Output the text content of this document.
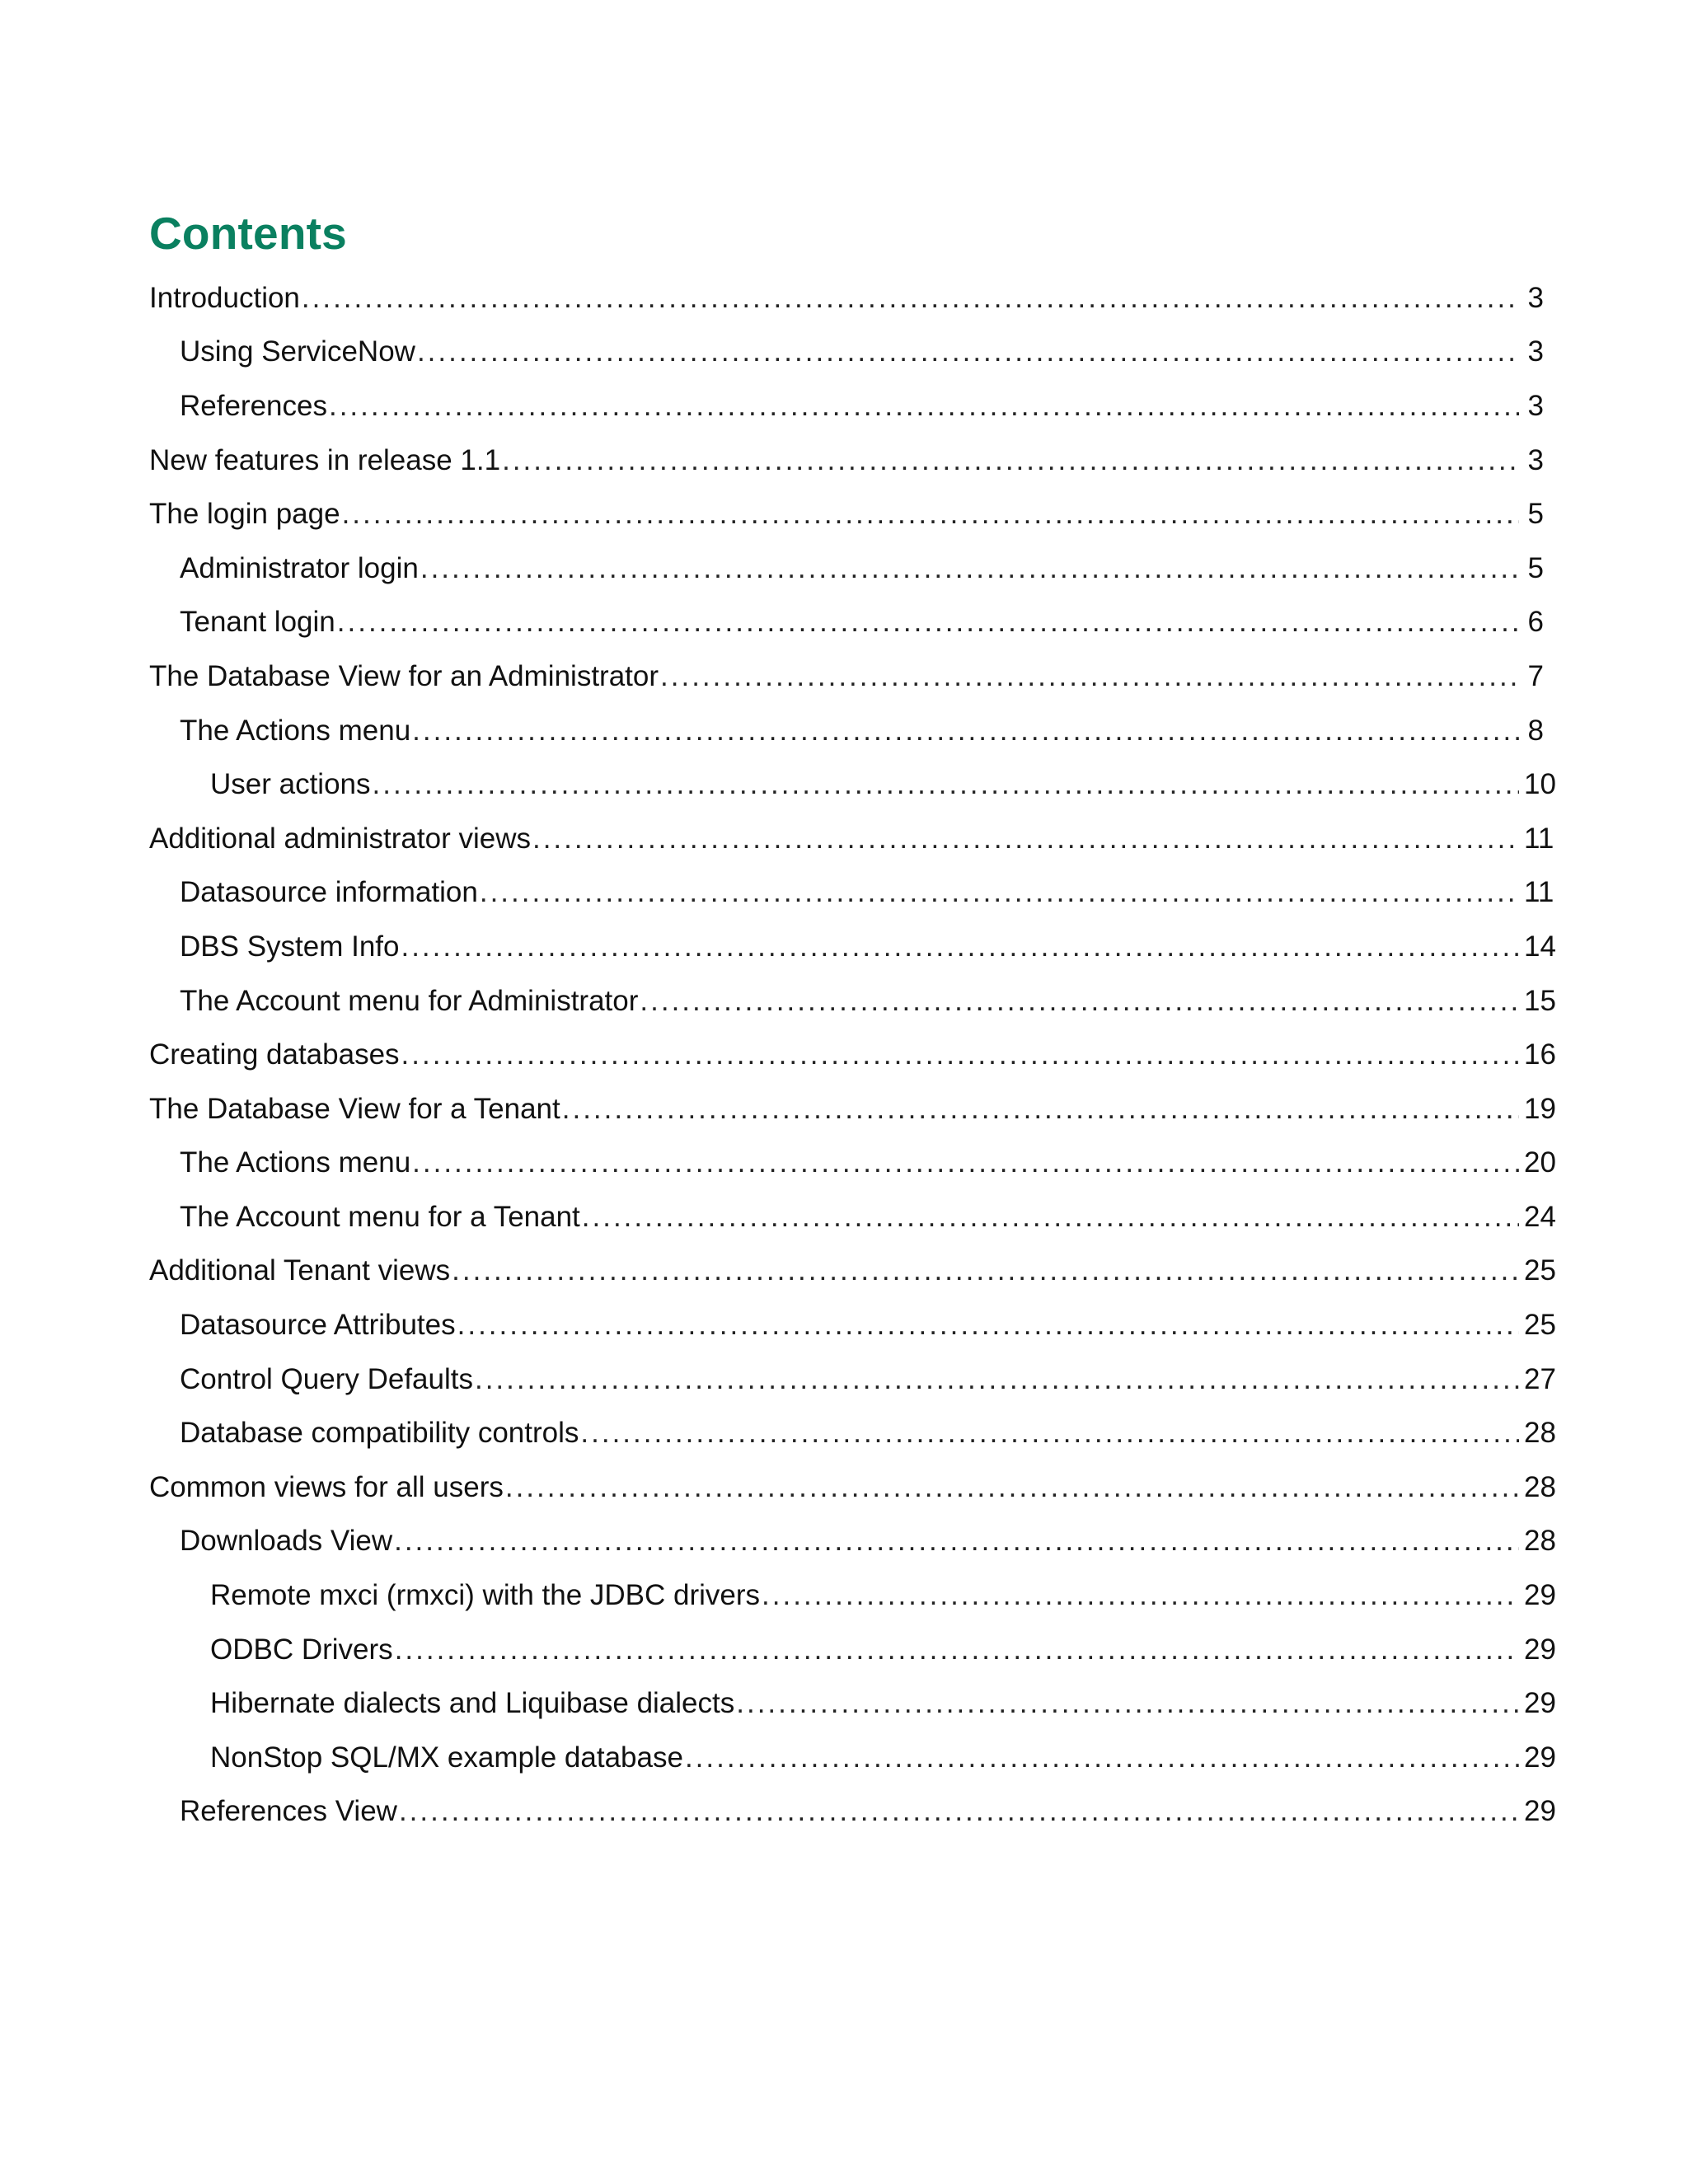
Contents
Introduction .....	3
Using ServiceNow .....	3
References .....	3
New features in release 1.1 .....	3
The login page .....	5
Administrator login .....	5
Tenant login .....	6
The Database View for an Administrator .....	7
The Actions menu .....	8
User actions .....	10
Additional administrator views .....	11
Datasource information .....	11
DBS System Info .....	14
The Account menu for Administrator .....	15
Creating databases .....	16
The Database View for a Tenant .....	19
The Actions menu .....	20
The Account menu for a Tenant .....	24
Additional Tenant views .....	25
Datasource Attributes .....	25
Control Query Defaults .....	27
Database compatibility controls .....	28
Common views for all users .....	28
Downloads View .....	28
Remote mxci (rmxci) with the JDBC drivers .....	29
ODBC Drivers .....	29
Hibernate dialects and Liquibase dialects .....	29
NonStop SQL/MX example database .....	29
References View .....	29
